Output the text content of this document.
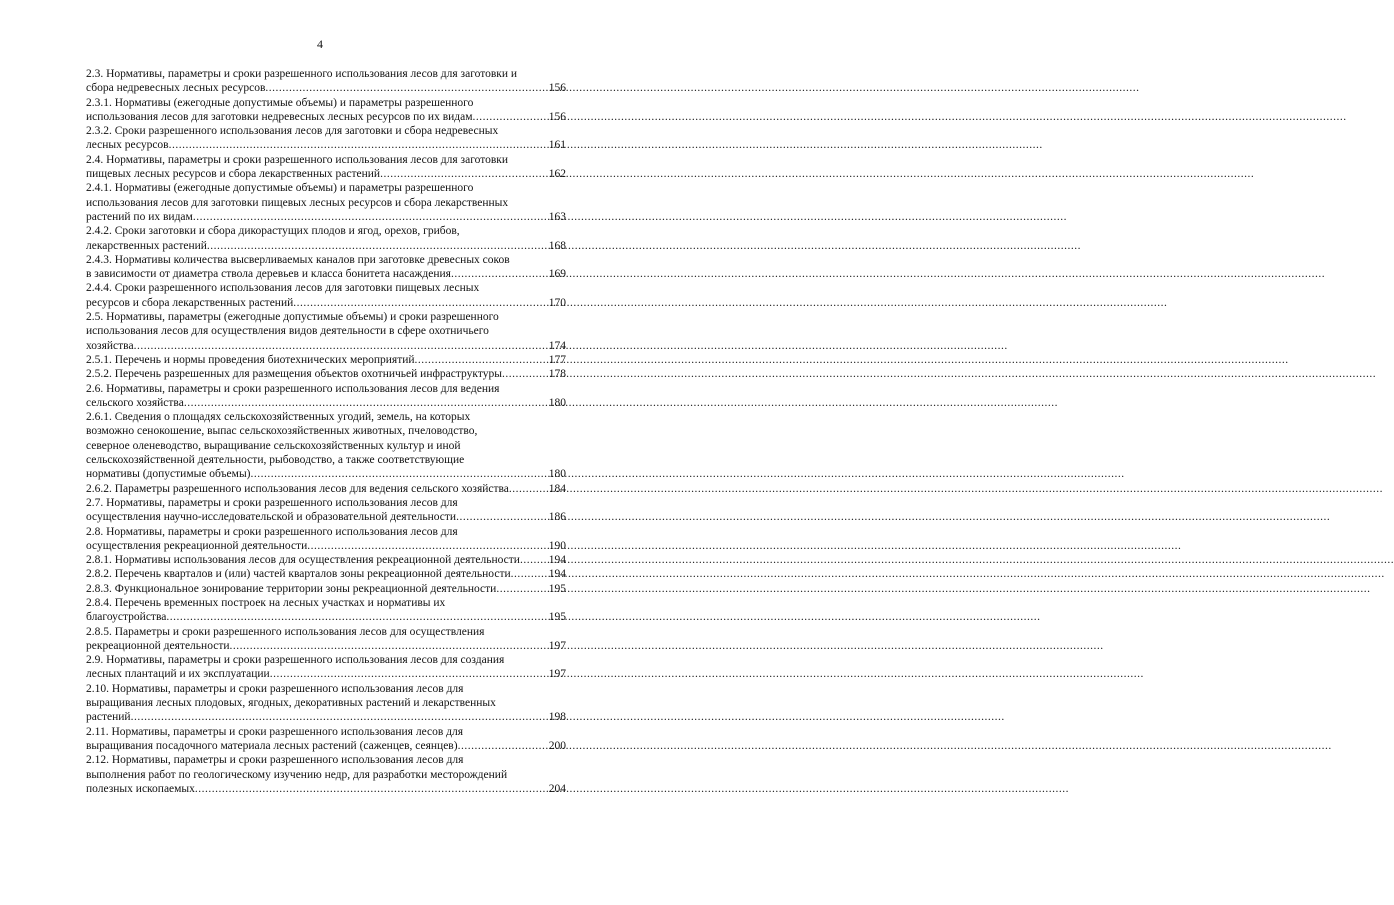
4
2.3. Нормативы, параметры и сроки разрешенного использования лесов для заготовки и
сбора недревесных лесных ресурсов .....	156
2.3.1. Нормативы (ежегодные допустимые объемы) и параметры разрешенного
использования лесов для заготовки недревесных лесных ресурсов по их видам .....	156
2.3.2. Сроки разрешенного использования лесов для заготовки и сбора недревесных
лесных ресурсов .....	161
2.4. Нормативы, параметры и сроки разрешенного использования лесов для заготовки
пищевых лесных ресурсов и сбора лекарственных растений .....	162
2.4.1. Нормативы (ежегодные допустимые объемы) и параметры разрешенного
использования лесов для заготовки пищевых лесных ресурсов и сбора лекарственных
растений по их видам .....	163
2.4.2. Сроки заготовки и сбора дикорастущих плодов и ягод, орехов, грибов,
лекарственных растений .....	168
2.4.3. Нормативы количества высверливаемых каналов при заготовке древесных соков
в зависимости от диаметра ствола деревьев и класса бонитета насаждения .....	169
2.4.4. Сроки разрешенного использования лесов для заготовки пищевых лесных
ресурсов и сбора лекарственных растений .....	170
2.5. Нормативы, параметры (ежегодные допустимые объемы) и сроки разрешенного
использования лесов для осуществления видов деятельности в сфере охотничьего
хозяйства .....	174
2.5.1. Перечень и нормы проведения биотехнических мероприятий .....	177
2.5.2. Перечень разрешенных для размещения объектов охотничьей инфраструктуры .....	178
2.6. Нормативы, параметры и сроки разрешенного использования лесов для ведения
сельского хозяйства .....	180
2.6.1. Сведения о площадях сельскохозяйственных угодий, земель, на которых
возможно сенокошение, выпас сельскохозяйственных животных, пчеловодство,
северное оленеводство, выращивание сельскохозяйственных культур и иной
сельскохозяйственной деятельности, рыбоводство, а также соответствующие
нормативы (допустимые объемы) .....	180
2.6.2. Параметры разрешенного использования лесов для ведения сельского хозяйства .....	184
2.7. Нормативы, параметры и сроки разрешенного использования лесов для
осуществления научно-исследовательской и образовательной деятельности .....	186
2.8. Нормативы, параметры и сроки разрешенного использования лесов для
осуществления рекреационной деятельности .....	190
2.8.1. Нормативы использования лесов для осуществления рекреационной деятельности .....	194
2.8.2. Перечень кварталов и (или) частей кварталов зоны рекреационной деятельности .....	194
2.8.3. Функциональное зонирование территории зоны рекреационной деятельности .....	195
2.8.4. Перечень временных построек на лесных участках и нормативы их
благоустройства .....	195
2.8.5. Параметры и сроки разрешенного использования лесов для осуществления
рекреационной деятельности .....	197
2.9. Нормативы, параметры и сроки разрешенного использования лесов для создания
лесных плантаций и их эксплуатации .....	197
2.10. Нормативы, параметры и сроки разрешенного использования лесов для
выращивания лесных плодовых, ягодных, декоративных растений и лекарственных
растений .....	198
2.11. Нормативы, параметры и сроки разрешенного использования лесов для
выращивания посадочного материала лесных растений (саженцев, сеянцев) .....	200
2.12. Нормативы, параметры и сроки разрешенного использования лесов для
выполнения работ по геологическому изучению недр, для разработки месторождений
полезных ископаемых .....	204
